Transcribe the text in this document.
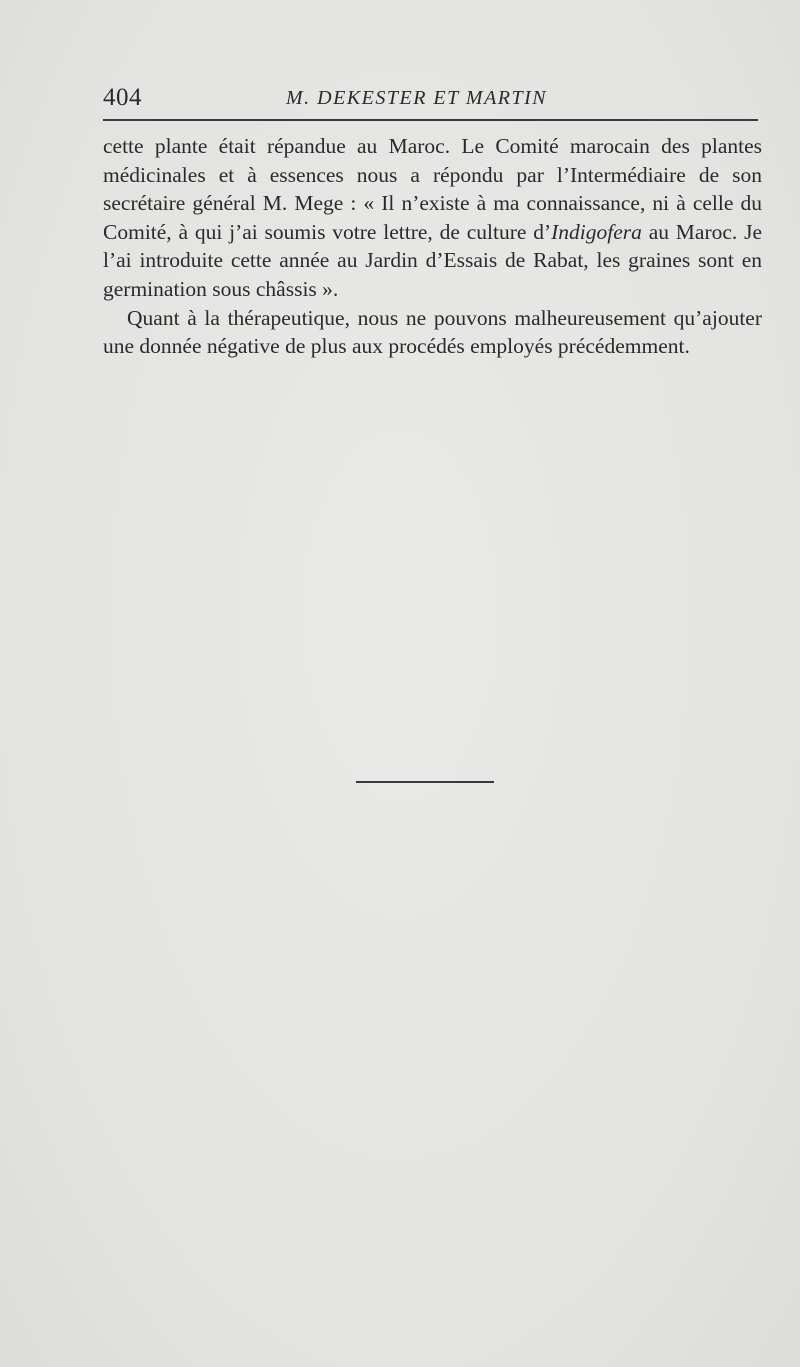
404	M. DEKESTER ET MARTIN

cette plante était répandue au Maroc. Le Comité marocain des plantes médicinales et à essences nous a répondu par l’Intermédiaire de son secrétaire général M. Mege : « Il n’existe à ma connaissance, ni à celle du Comité, à qui j’ai soumis votre lettre, de culture d’Indigofera au Maroc. Je l’ai introduite cette année au Jardin d’Essais de Rabat, les graines sont en germination sous châssis ».

Quant à la thérapeutique, nous ne pouvons malheureusement qu’ajouter une donnée négative de plus aux procédés employés précédemment.
